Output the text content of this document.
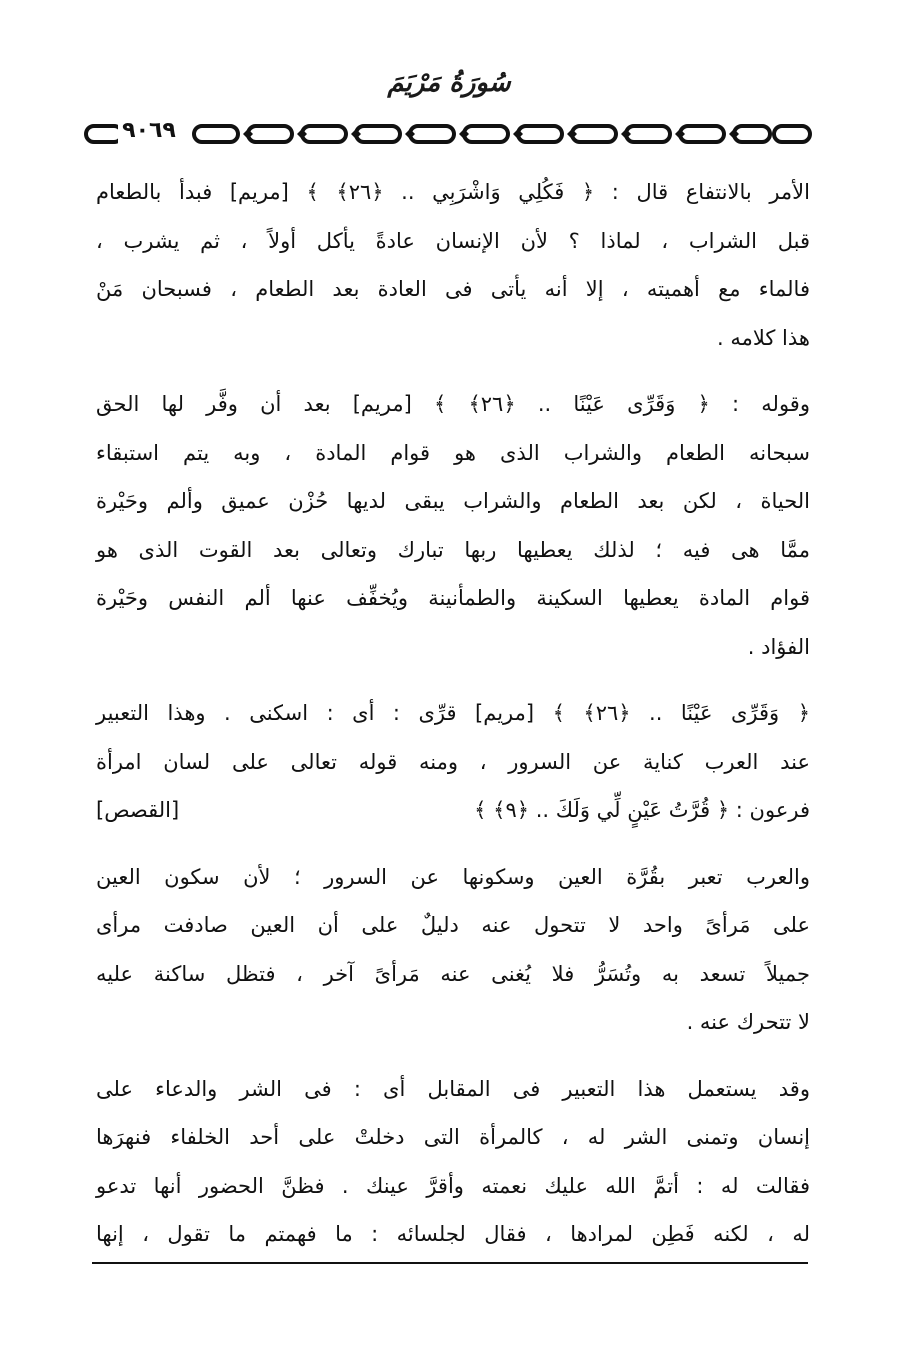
سُورَةُ مَرْيَمَ
٩٠٦٩
الأمر بالانتفاع قال : ﴿ فَكُلِي وَاشْرَبِي .. ﴿٢٦﴾ ﴾ [مريم] فبدأ بالطعام
قبل الشراب ، لماذا ؟ لأن الإنسان عادةً يأكل أولاً ، ثم يشرب ،
فالماء مع أهميته ، إلا أنه يأتى فى العادة بعد الطعام ، فسبحان مَنْ
هذا كلامه .
وقوله : ﴿ وَقَرِّى عَيْنًا .. ﴿٢٦﴾ ﴾ [مريم] بعد أن وفَّر لها الحق
سبحانه الطعام والشراب الذى هو قوام المادة ، وبه يتم استبقاء
الحياة ، لكن بعد الطعام والشراب يبقى لديها حُزْن عميق وألم وحَيْرة
ممَّا هى فيه ؛ لذلك يعطيها ربها تبارك وتعالى بعد القوت الذى هو
قوام المادة يعطيها السكينة والطمأنينة ويُخفِّف عنها ألم النفس وحَيْرة
الفؤاد .
﴿ وَقَرِّى عَيْنًا .. ﴿٢٦﴾ ﴾ [مريم] قرِّى : أى : اسكنى . وهذا التعبير
عند العرب كناية عن السرور ، ومنه قوله تعالى على لسان امرأة
فرعون : ﴿ قُرَّتُ عَيْنٍ لِّي وَلَكَ .. ﴿٩﴾ ﴾
[القصص]
والعرب تعبر بقُرَّة العين وسكونها عن السرور ؛ لأن سكون العين
على مَرأىً واحد لا تتحول عنه دليلٌ على أن العين صادفت مرأى
جميلاً تسعد به وتُسَرُّ فلا يُغنى عنه مَرأىً آخر ، فتظل ساكنة عليه
لا تتحرك عنه .
وقد يستعمل هذا التعبير فى المقابل أى : فى الشر والدعاء على
إنسان وتمنى الشر له ، كالمرأة التى دخلتْ على أحد الخلفاء فنهرَها
فقالت له : أتمَّ الله عليك نعمته وأقرَّ عينك . فظنَّ الحضور أنها تدعو
له ، لكنه فَطِن لمرادها ، فقال لجلسائه : ما فهمتم ما تقول ، إنها
